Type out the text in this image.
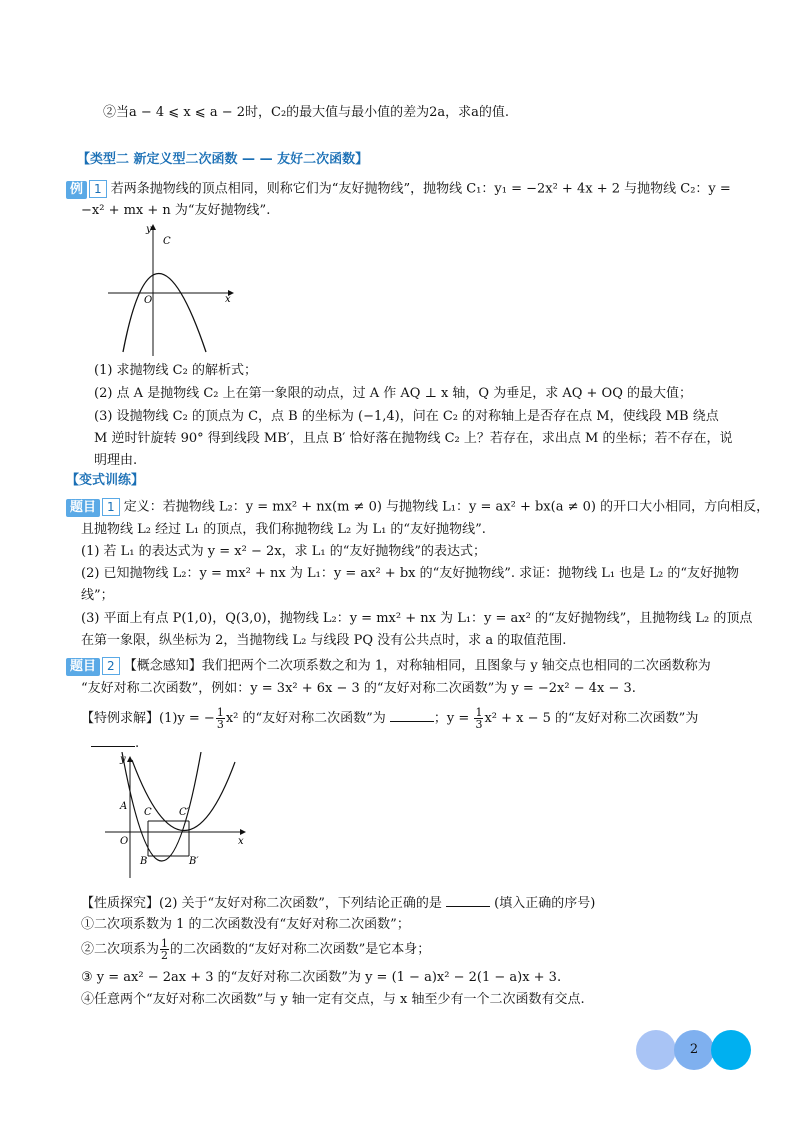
②当a − 4 ⩽ x ⩽ a − 2时，C₂的最大值与最小值的差为2a，求a的值.
【类型二 新定义型二次函数 — — 友好二次函数】
例 1 若两条抛物线的顶点相同，则称它们为“友好抛物线”，抛物线 C₁：y₁ = −2x² + 4x + 2 与抛物线 C₂：y =
−x² + mx + n 为“友好抛物线”.
y
x
O
C
(1) 求抛物线 C₂ 的解析式；
(2) 点 A 是抛物线 C₂ 上在第一象限的动点，过 A 作 AQ ⊥ x 轴，Q 为垂足，求 AQ + OQ 的最大值；
(3) 设抛物线 C₂ 的顶点为 C，点 B 的坐标为 (−1,4)，问在 C₂ 的对称轴上是否存在点 M，使线段 MB 绕点
M 逆时针旋转 90° 得到线段 MB′，且点 B′ 恰好落在抛物线 C₂ 上？若存在，求出点 M 的坐标；若不存在，说
明理由.
【变式训练】
题目 1 定义：若抛物线 L₂：y = mx² + nx(m ≠ 0) 与抛物线 L₁：y = ax² + bx(a ≠ 0) 的开口大小相同，方向相反，
且抛物线 L₂ 经过 L₁ 的顶点，我们称抛物线 L₂ 为 L₁ 的“友好抛物线”.
(1) 若 L₁ 的表达式为 y = x² − 2x，求 L₁ 的“友好抛物线”的表达式；
(2) 已知抛物线 L₂：y = mx² + nx 为 L₁：y = ax² + bx 的“友好抛物线”. 求证：抛物线 L₁ 也是 L₂ 的“友好抛物
线”；
(3) 平面上有点 P(1,0)，Q(3,0)，抛物线 L₂：y = mx² + nx 为 L₁：y = ax² 的“友好抛物线”，且抛物线 L₂ 的顶点
在第一象限，纵坐标为 2，当抛物线 L₂ 与线段 PQ 没有公共点时，求 a 的取值范围.
题目 2 【概念感知】我们把两个二次项系数之和为 1，对称轴相同，且图象与 y 轴交点也相同的二次函数称为
“友好对称二次函数”，例如：y = 3x² + 6x − 3 的“友好对称二次函数”为 y = −2x² − 4x − 3.
【特例求解】(1)y = − $\frac{1}{3} x^2$ 的“友好对称二次函数”为	；$y = \frac{1}{3} x^2 + x - 5$ 的“友好对称二次函数”为
.
y
x
O
A
C	C′
B	B′
【性质探究】(2) 关于“友好对称二次函数”，下列结论正确的是	(填入正确的序号)
①二次项系数为 1 的二次函数没有“友好对称二次函数”；
②二次项系为 $\frac{1}{2}$ 的二次函数的“友好对称二次函数”是它本身；
③ y = ax² − 2ax + 3 的“友好对称二次函数”为 y = (1 − a)x² − 2(1 − a)x + 3.
④任意两个“友好对称二次函数”与 y 轴一定有交点，与 x 轴至少有一个二次函数有交点.
2
